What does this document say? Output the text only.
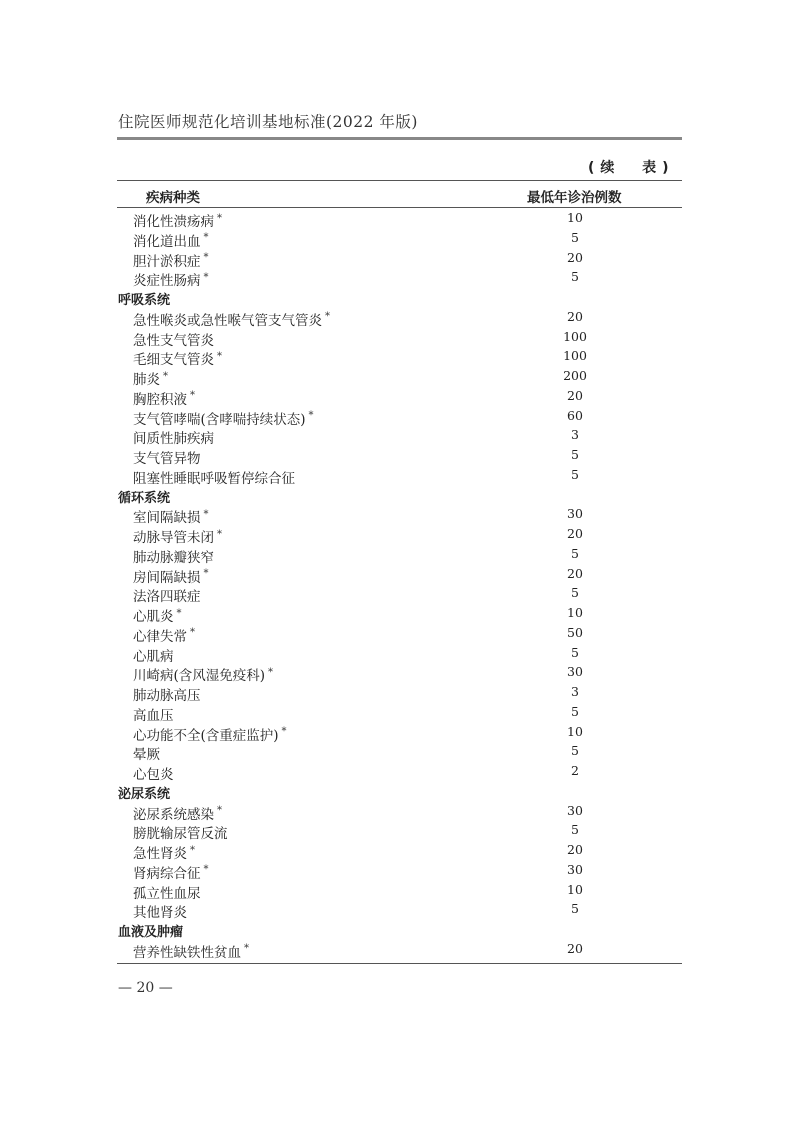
住院医师规范化培训基地标准(2022 年版)
(续  表)
疾病种类	最低年诊治例数
消化性溃疡病 *	10
消化道出血 *	5
胆汁淤积症 *	20
炎症性肠病 *	5
呼吸系统
急性喉炎或急性喉气管支气管炎 *	20
急性支气管炎	100
毛细支气管炎 *	100
肺炎 *	200
胸腔积液 *	20
支气管哮喘(含哮喘持续状态) *	60
间质性肺疾病	3
支气管异物	5
阻塞性睡眠呼吸暂停综合征	5
循环系统
室间隔缺损 *	30
动脉导管未闭 *	20
肺动脉瓣狭窄	5
房间隔缺损 *	20
法洛四联症	5
心肌炎 *	10
心律失常 *	50
心肌病	5
川崎病(含风湿免疫科) *	30
肺动脉高压	3
高血压	5
心功能不全(含重症监护) *	10
晕厥	5
心包炎	2
泌尿系统
泌尿系统感染 *	30
膀胱输尿管反流	5
急性肾炎 *	20
肾病综合征 *	30
孤立性血尿	10
其他肾炎	5
血液及肿瘤
营养性缺铁性贫血 *	20
— 20 —
